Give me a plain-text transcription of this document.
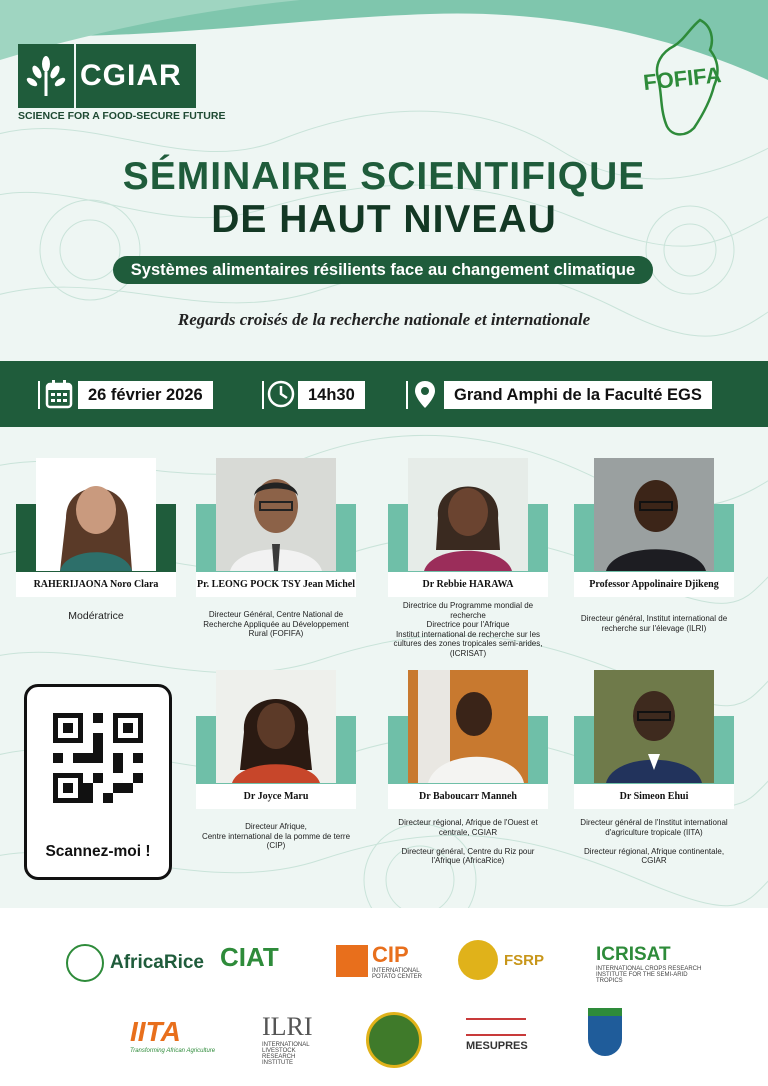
CGIAR
SCIENCE FOR A FOOD-SECURE FUTURE
FOFIFA
SÉMINAIRE SCIENTIFIQUE
DE HAUT NIVEAU
Systèmes alimentaires résilients face au changement climatique
Regards croisés de la recherche nationale et internationale
26 février 2026	14h30	Grand Amphi de la Faculté EGS
RAHERIJAONA Noro Clara
Modératrice
Pr. LEONG POCK TSY Jean Michel
Directeur Général, Centre National de Recherche Appliquée au Développement Rural (FOFIFA)
Dr Rebbie HARAWA
Directrice du Programme mondial de recherche
Directrice pour l'Afrique
Institut international de recherche sur les cultures des zones tropicales semi-arides, (ICRISAT)
Professor Appolinaire Djikeng
Directeur général, Institut international de recherche sur l'élevage (ILRI)
Scannez-moi !
Dr Joyce Maru
Directeur Afrique,
Centre international de la pomme de terre (CIP)
Dr Baboucarr Manneh
Directeur régional, Afrique de l'Ouest et centrale, CGIAR

Directeur général, Centre du Riz pour l'Afrique (AfricaRice)
Dr Simeon Ehui
Directeur général de l'Institut international d'agriculture tropicale (IITA)

Directeur régional, Afrique continentale, CGIAR
AfricaRice CIAT	CIP
INTERNATIONAL POTATO CENTER
FSRP	ICRISAT
INTERNATIONAL CROPS RESEARCH INSTITUTE FOR THE SEMI-ARID TROPICS
IITA
Transforming African Agriculture
ILRI
INTERNATIONAL LIVESTOCK RESEARCH INSTITUTE
MESUPRES
